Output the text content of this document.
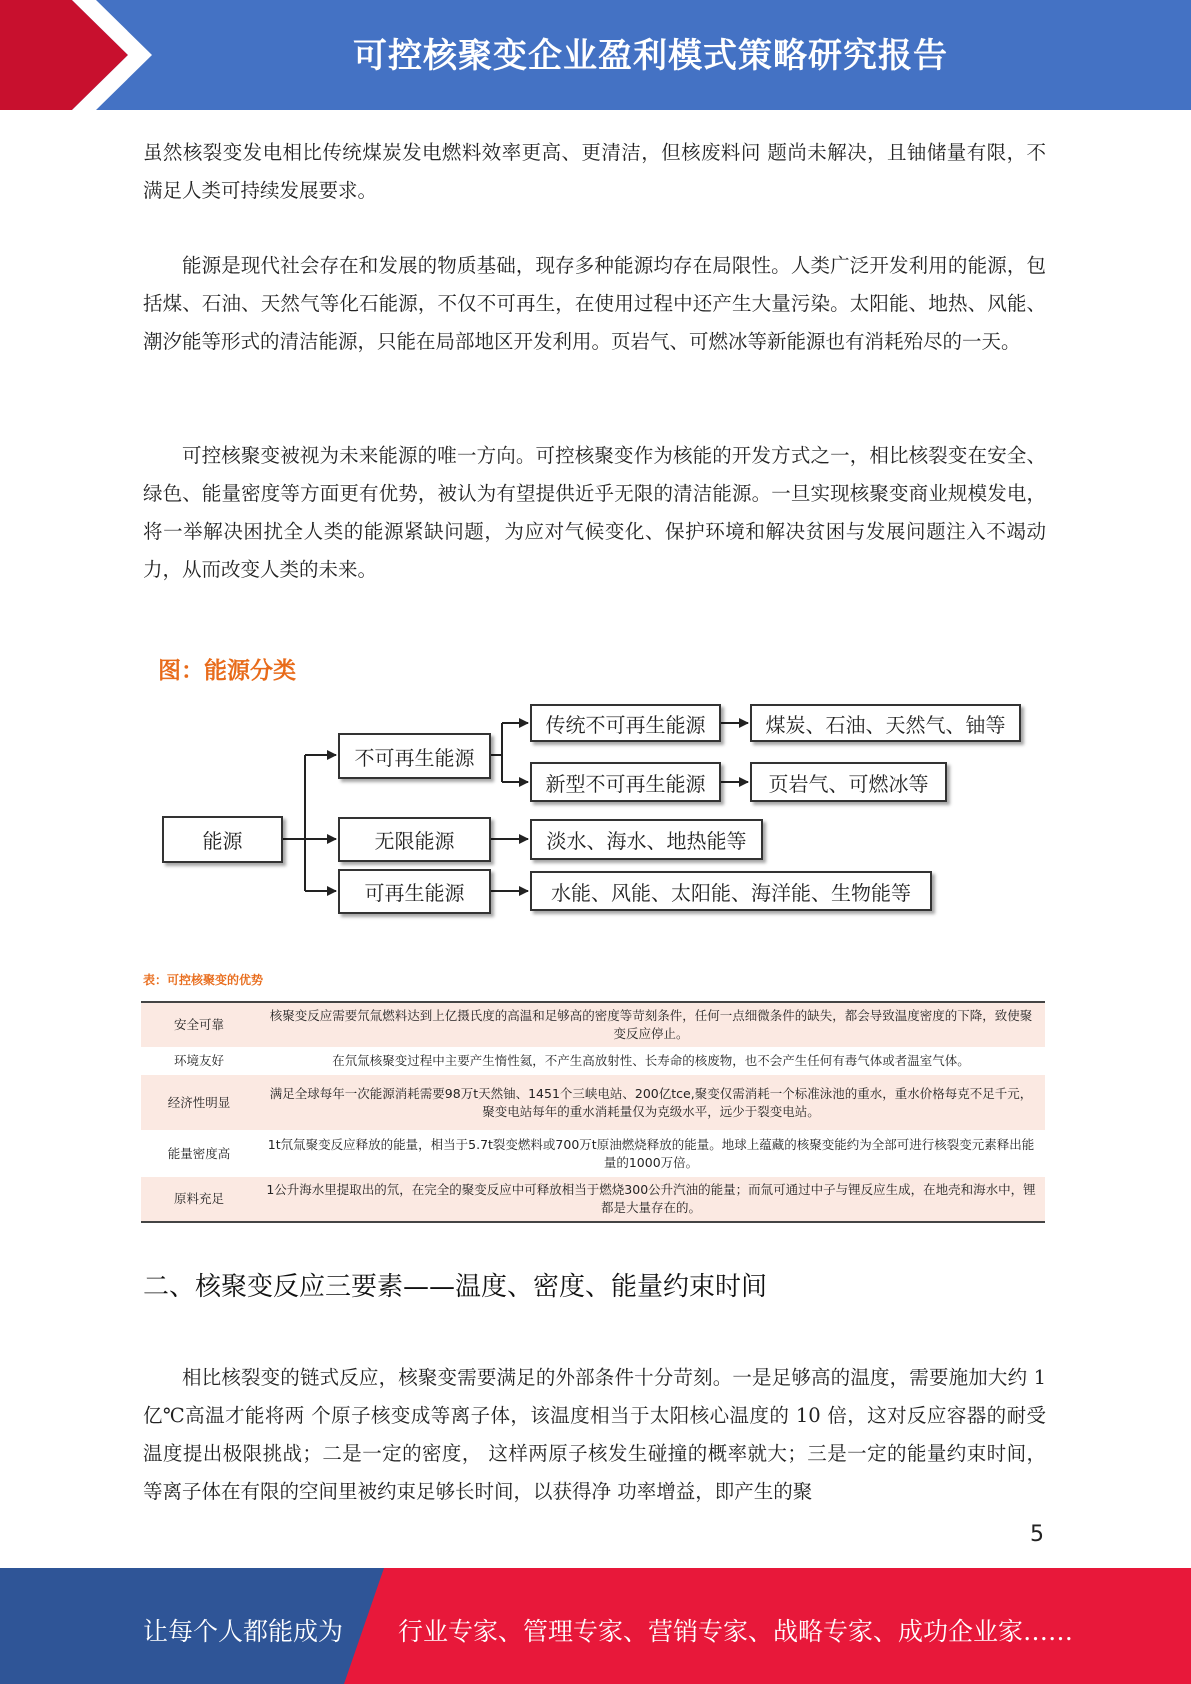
可控核聚变企业盈利模式策略研究报告

虽然核裂变发电相比传统煤炭发电燃料效率更高、更清洁，但核废料问 题尚未解决，且铀储量有限，不满足人类可持续发展要求。

能源是现代社会存在和发展的物质基础，现存多种能源均存在局限性。人类广泛开发利用的能源，包括煤、石油、天然气等化石能源，不仅不可再生，在使用过程中还产生大量污染。太阳能、地热、风能、潮汐能等形式的清洁能源，只能在局部地区开发利用。页岩气、可燃冰等新能源也有消耗殆尽的一天。

可控核聚变被视为未来能源的唯一方向。可控核聚变作为核能的开发方式之一，相比核裂变在安全、绿色、能量密度等方面更有优势，被认为有望提供近乎无限的清洁能源。一旦实现核聚变商业规模发电，将一举解决困扰全人类的能源紧缺问题，为应对气候变化、保护环境和解决贫困与发展问题注入不竭动力，从而改变人类的未来。

图：能源分类
能源
不可再生能源
无限能源
可再生能源
传统不可再生能源
新型不可再生能源
淡水、海水、地热能等
水能、风能、太阳能、海洋能、生物能等
煤炭、石油、天然气、铀等
页岩气、可燃冰等
表：可控核聚变的优势
安全可靠	核聚变反应需要氘氚燃料达到上亿摄氏度的高温和足够高的密度等苛刻条件，任何一点细微条件的缺失，都会导致温度密度的下降，致使聚变反应停止。
环境友好	在氘氚核聚变过程中主要产生惰性氦，不产生高放射性、长寿命的核废物，也不会产生任何有毒气体或者温室气体。
经济性明显	满足全球每年一次能源消耗需要98万t天然铀、1451个三峡电站、200亿tce,聚变仅需消耗一个标准泳池的重水，重水价格每克不足千元，聚变电站每年的重水消耗量仅为克级水平，远少于裂变电站。
能量密度高	1t氘氚聚变反应释放的能量，相当于5.7t裂变燃料或700万t原油燃烧释放的能量。地球上蕴藏的核聚变能约为全部可进行核裂变元素释出能量的1000万倍。
原料充足	1公升海水里提取出的氘，在完全的聚变反应中可释放相当于燃烧300公升汽油的能量；而氚可通过中子与锂反应生成，在地壳和海水中，锂都是大量存在的。
二、核聚变反应三要素——温度、密度、能量约束时间

相比核裂变的链式反应，核聚变需要满足的外部条件十分苛刻。一是足够高的温度，需要施加大约 1 亿℃高温才能将两 个原子核变成等离子体，该温度相当于太阳核心温度的 10 倍，这对反应容器的耐受温度提出极限挑战；二是一定的密度， 这样两原子核发生碰撞的概率就大；三是一定的能量约束时间，等离子体在有限的空间里被约束足够长时间，以获得净 功率增益，即产生的聚

5
让每个人都能成为 行业专家、管理专家、营销专家、战略专家、成功企业家……
